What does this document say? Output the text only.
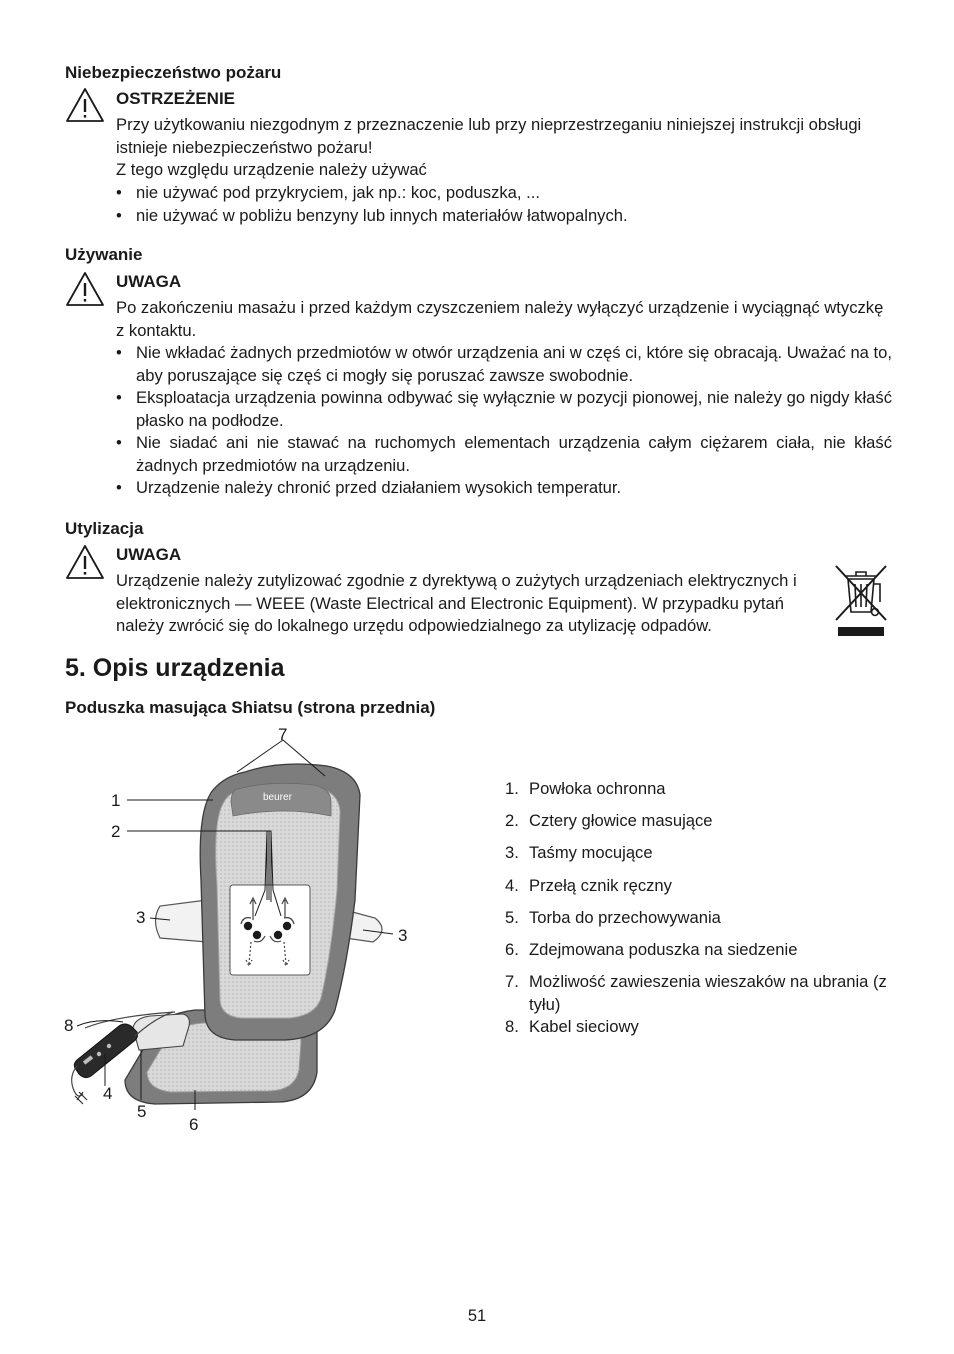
Niebezpieczeństwo pożaru
OSTRZEŻENIE
Przy użytkowaniu niezgodnym z przeznaczenie lub przy nieprzestrzeganiu niniejszej instrukcji obsługi istnieje niebezpieczeństwo pożaru!
Z tego względu urządzenie należy używać
• nie używać pod przykryciem, jak np.: koc, poduszka, ...
• nie używać w pobliżu benzyny lub innych materiałów łatwopalnych.
Używanie
UWAGA
Po zakończeniu masażu i przed każdym czyszczeniem należy wyłączyć urządzenie i wyciągnąć wtyczkę z kontaktu.
• Nie wkładać żadnych przedmiotów w otwór urządzenia ani w częś ci, które się obracają. Uważać na to, aby poruszające się częś ci mogły się poruszać zawsze swobodnie.
• Eksploatacja urządzenia powinna odbywać się wyłącznie w pozycji pionowej, nie należy go nigdy kłaść płasko na podłodze.
• Nie siadać ani nie stawać na ruchomych elementach urządzenia całym ciężarem ciała, nie kłaść żadnych przedmiotów na urządzeniu.
• Urządzenie należy chronić przed działaniem wysokich temperatur.
Utylizacja
UWAGA
Urządzenie należy zutylizować zgodnie z dyrektywą o zużytych urządzeniach elektrycznych i elektronicznych — WEEE (Waste Electrical and Electronic Equipment). W przypadku pytań należy zwrócić się do lokalnego urzędu odpowiedzialnego za utylizację odpadów.
5. Opis urządzenia
Poduszka masująca Shiatsu (strona przednia)
beurer
1
2
3
3
4
5
6
7
8
1. Powłoka ochronna
2. Cztery głowice masujące
3. Taśmy mocujące
4. Przełą cznik ręczny
5. Torba do przechowywania
6. Zdejmowana poduszka na siedzenie
7. Możliwość zawieszenia wieszaków na ubrania (z tyłu)
8. Kabel sieciowy
51
